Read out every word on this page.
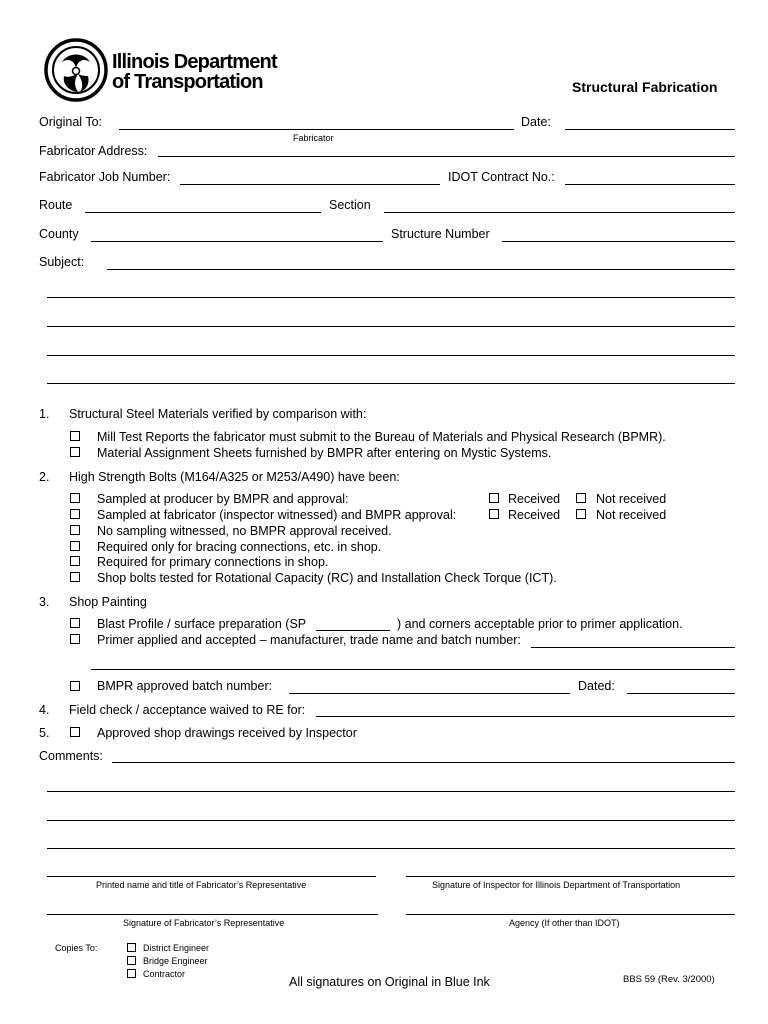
Illinois Department
of Transportation	Structural Fabrication
Original To:
Fabricator
Date:
Fabricator Address:
Fabricator Job Number:	IDOT Contract No.:
Route	Section
County	Structure Number
Subject:
1. Structural Steel Materials verified by comparison with:
Mill Test Reports the fabricator must submit to the Bureau of Materials and Physical Research (BPMR).
Material Assignment Sheets furnished by BMPR after entering on Mystic Systems.
2. High Strength Bolts (M164/A325 or M253/A490) have been:
Sampled at producer by BMPR and approval:	Received	Not received
Sampled at fabricator (inspector witnessed) and BMPR approval:	Received	Not received
No sampling witnessed, no BMPR approval received.
Required only for bracing connections, etc. in shop.
Required for primary connections in shop.
Shop bolts tested for Rotational Capacity (RC) and Installation Check Torque (ICT).
3. Shop Painting
Blast Profile / surface preparation (SP	) and corners acceptable prior to primer application.
Primer applied and accepted – manufacturer, trade name and batch number:
BMPR approved batch number:	Dated:
4. Field check / acceptance waived to RE for:
5.	Approved shop drawings received by Inspector
Comments:
Printed name and title of Fabricator’s Representative	Signature of Inspector for Illinois Department of Transportation
Signature of Fabricator’s Representative	Agency (If other than IDOT)
Copies To:	District Engineer
Bridge Engineer
Contractor
All signatures on Original in Blue Ink	BBS 59 (Rev. 3/2000)
